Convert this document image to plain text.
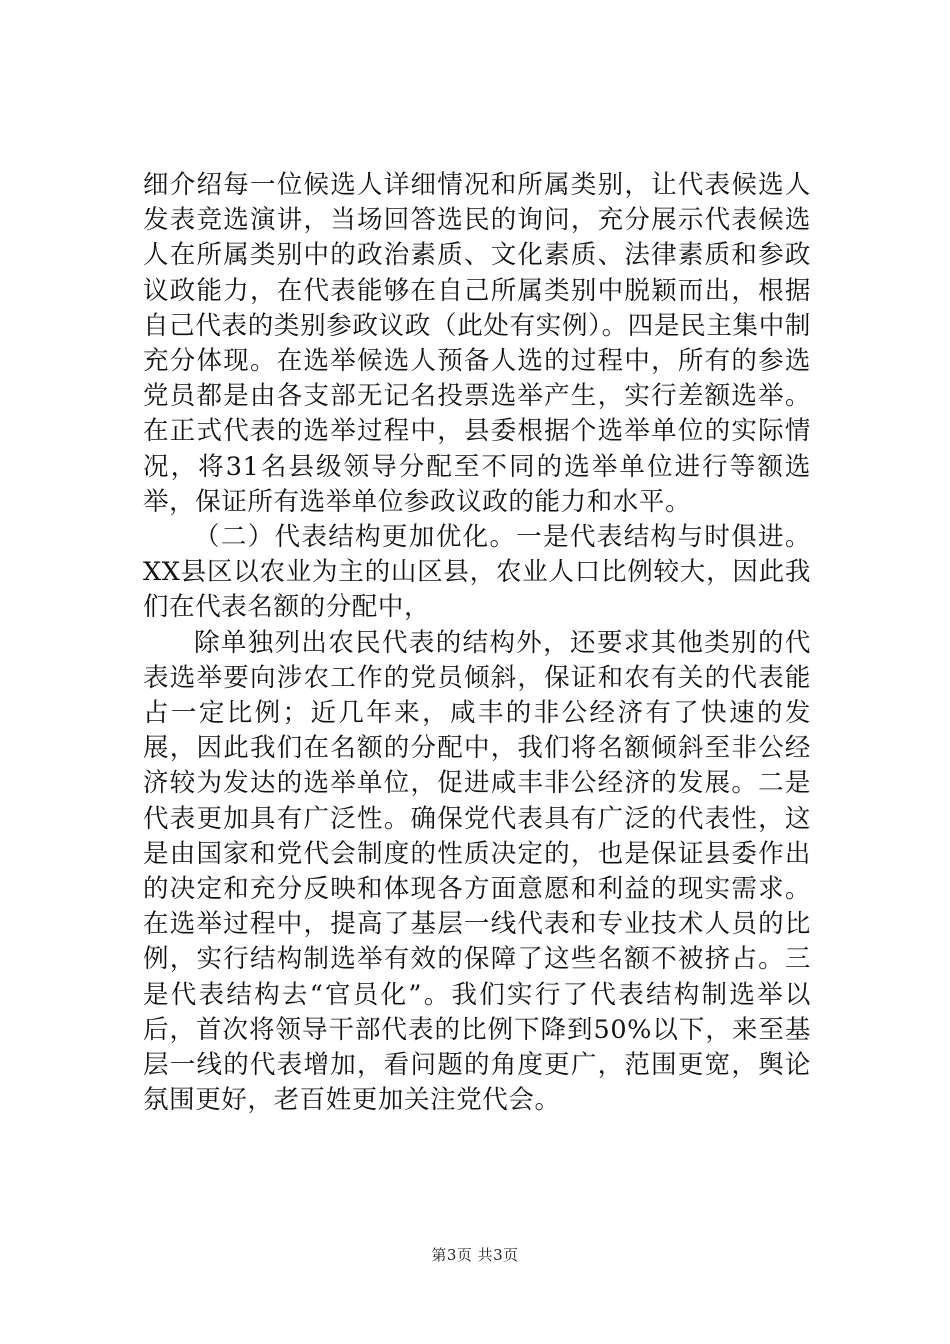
细介绍每一位候选人详细情况和所属类别，让代表候选人发表竞选演讲，当场回答选民的询问，充分展示代表候选人在所属类别中的政治素质、文化素质、法律素质和参政议政能力，在代表能够在自己所属类别中脱颖而出，根据自己代表的类别参政议政（此处有实例）。四是民主集中制充分体现。在选举候选人预备人选的过程中，所有的参选党员都是由各支部无记名投票选举产生，实行差额选举。在正式代表的选举过程中，县委根据个选举单位的实际情况，将31名县级领导分配至不同的选举单位进行等额选举，保证所有选举单位参政议政的能力和水平。

（二）代表结构更加优化。一是代表结构与时俱进。XX县区以农业为主的山区县，农业人口比例较大，因此我们在代表名额的分配中，

除单独列出农民代表的结构外，还要求其他类别的代表选举要向涉农工作的党员倾斜，保证和农有关的代表能占一定比例；近几年来，咸丰的非公经济有了快速的发展，因此我们在名额的分配中，我们将名额倾斜至非公经济较为发达的选举单位，促进咸丰非公经济的发展。二是代表更加具有广泛性。确保党代表具有广泛的代表性，这是由国家和党代会制度的性质决定的，也是保证县委作出的决定和充分反映和体现各方面意愿和利益的现实需求。在选举过程中，提高了基层一线代表和专业技术人员的比例，实行结构制选举有效的保障了这些名额不被挤占。三是代表结构去“官员化”。我们实行了代表结构制选举以后，首次将领导干部代表的比例下降到50%以下，来至基层一线的代表增加，看问题的角度更广，范围更宽，舆论氛围更好，老百姓更加关注党代会。

第3页 共3页
